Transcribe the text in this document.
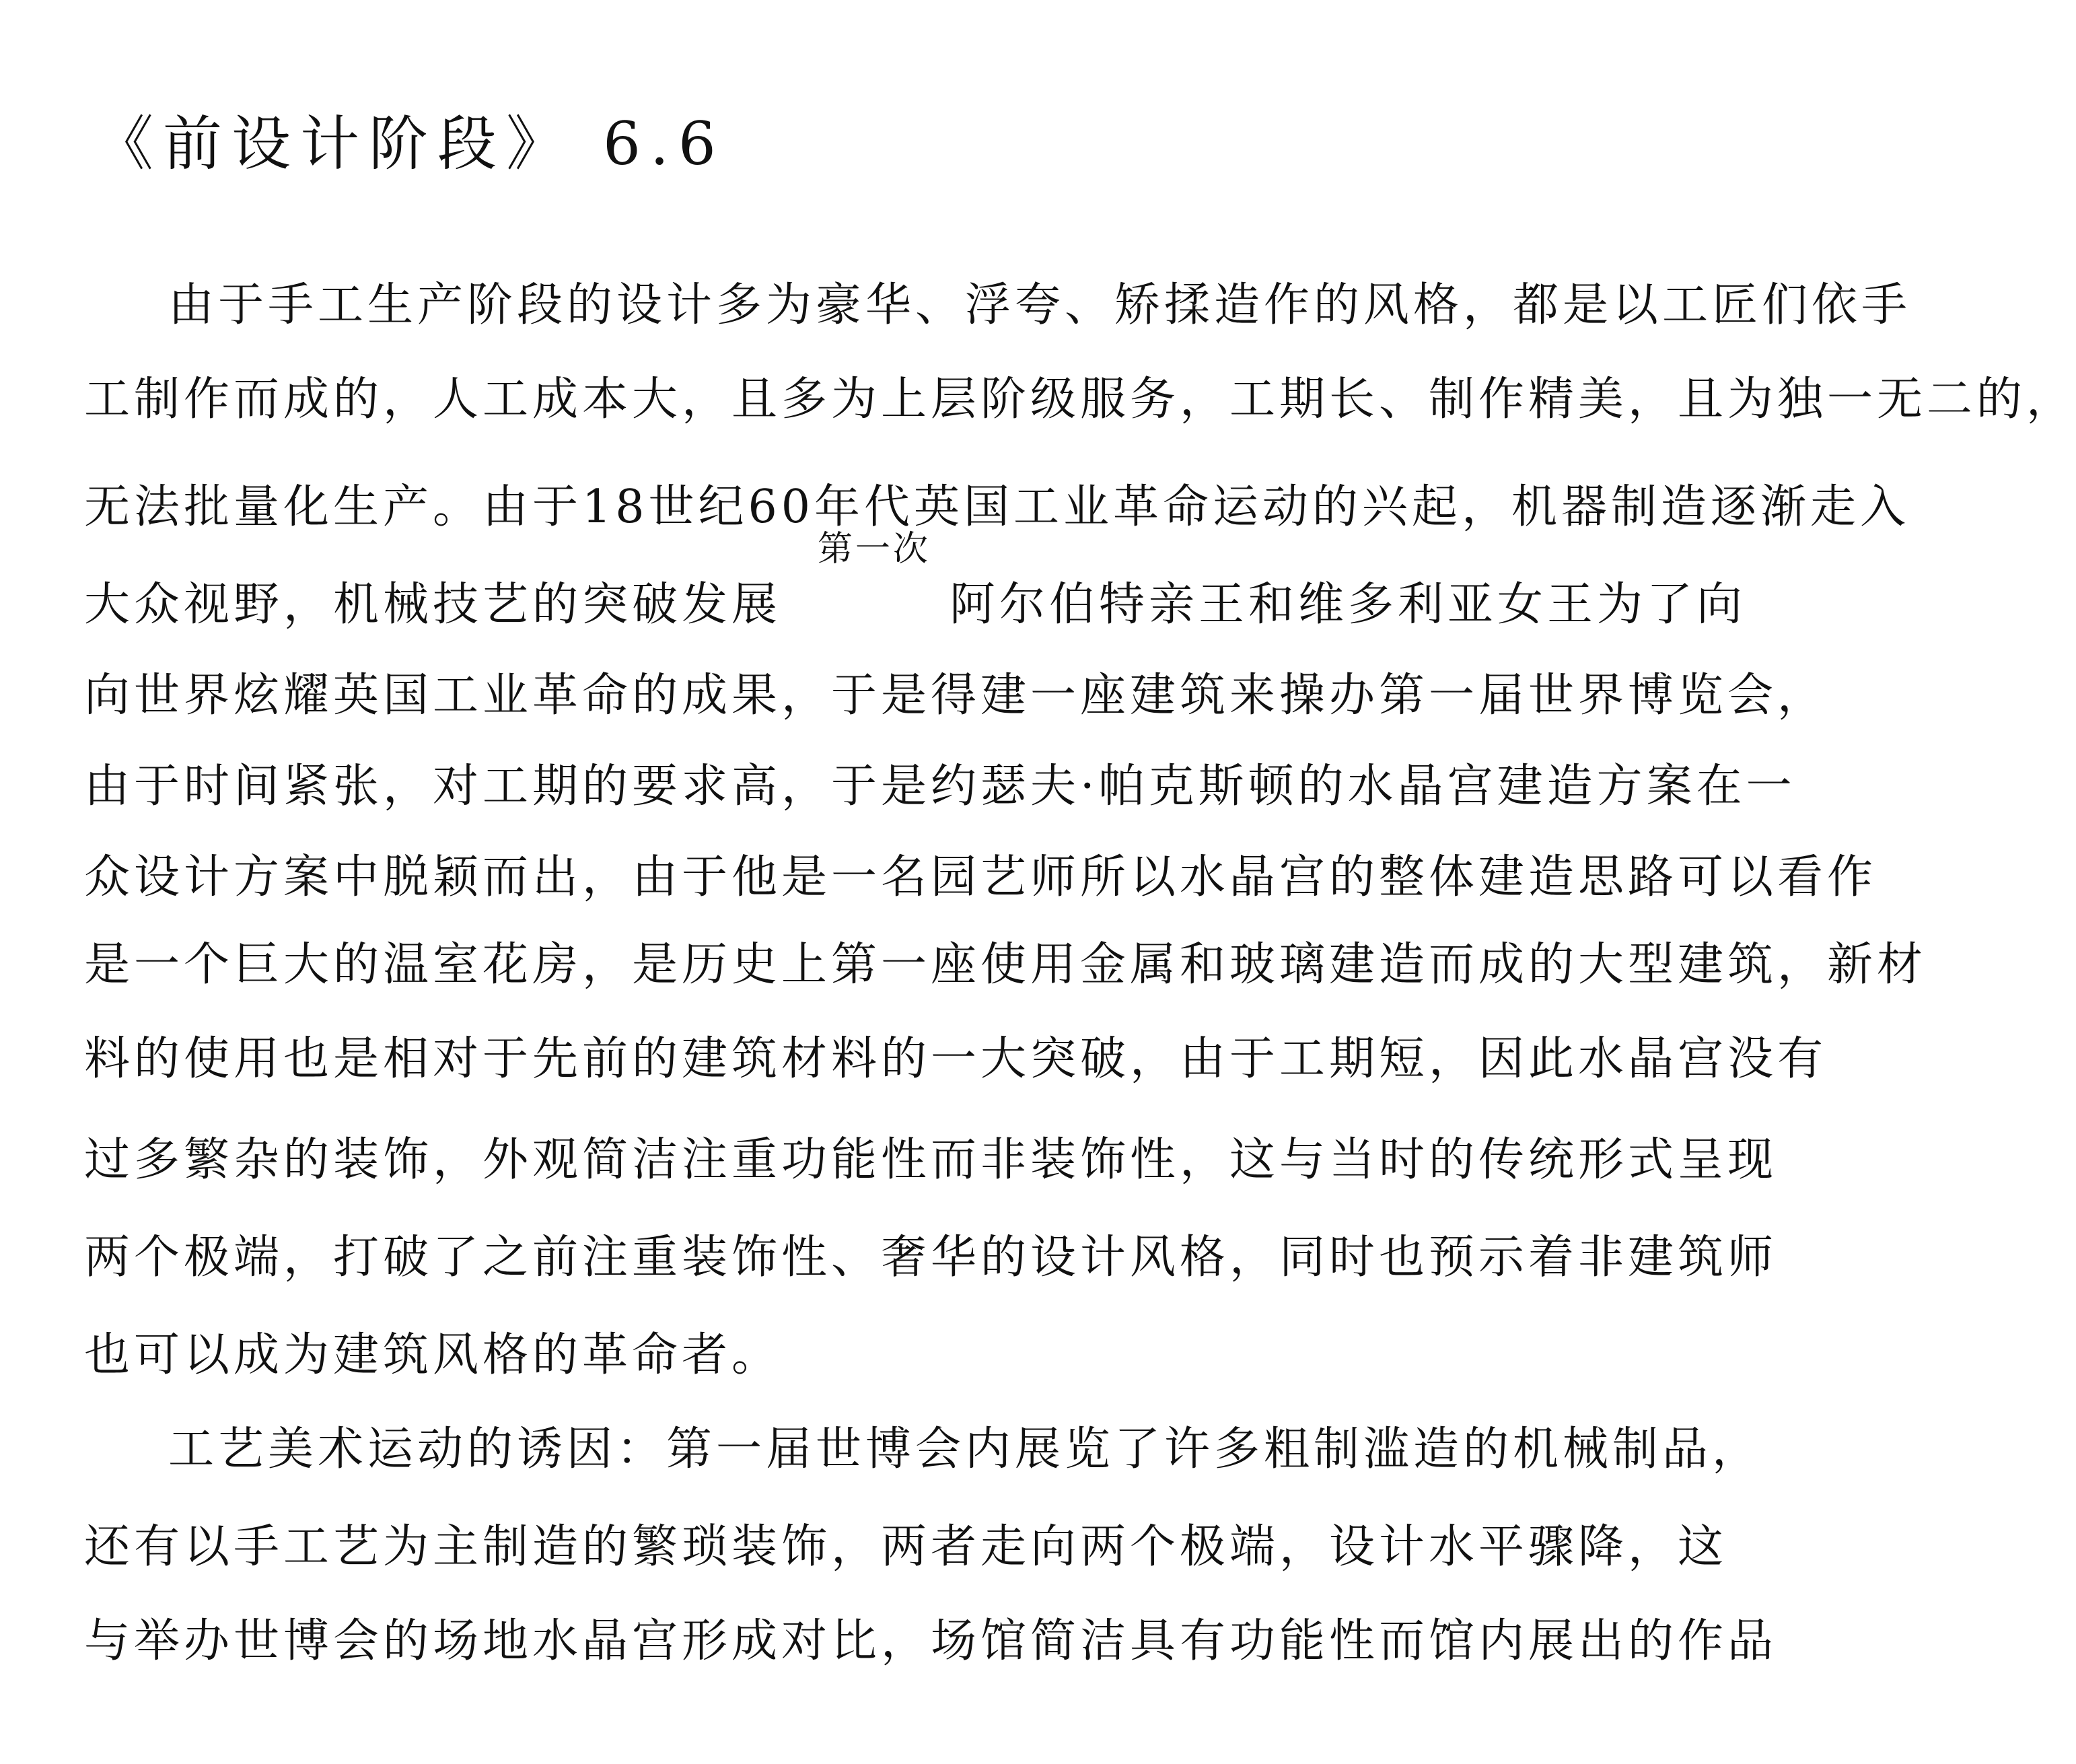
《前设计阶段》 6.6

由于手工生产阶段的设计多为豪华、浮夸、矫揉造作的风格，都是以工匠们依手

工制作而成的，人工成本大，且多为上层阶级服务，工期长、制作精美，且为独一无二的，

无法批量化生产。由于18世纪60年代英国工业革命运动的兴起，机器制造逐渐走入

第一次

大众视野，机械技艺的突破发展	阿尔伯特亲王和维多利亚女王为了向

向世界炫耀英国工业革命的成果，于是得建一座建筑来操办第一届世界博览会，

由于时间紧张，对工期的要求高，于是约瑟夫·帕克斯顿的水晶宫建造方案在一

众设计方案中脱颖而出，由于他是一名园艺师所以水晶宫的整体建造思路可以看作

是一个巨大的温室花房，是历史上第一座使用金属和玻璃建造而成的大型建筑，新材

料的使用也是相对于先前的建筑材料的一大突破，由于工期短，因此水晶宫没有

过多繁杂的装饰，外观简洁注重功能性而非装饰性，这与当时的传统形式呈现

两个极端，打破了之前注重装饰性、奢华的设计风格，同时也预示着非建筑师

也可以成为建筑风格的革命者。

工艺美术运动的诱因：第一届世博会内展览了许多粗制滥造的机械制品，

还有以手工艺为主制造的繁琐装饰，两者走向两个极端，设计水平骤降，这

与举办世博会的场地水晶宫形成对比，场馆简洁具有功能性而馆内展出的作品
